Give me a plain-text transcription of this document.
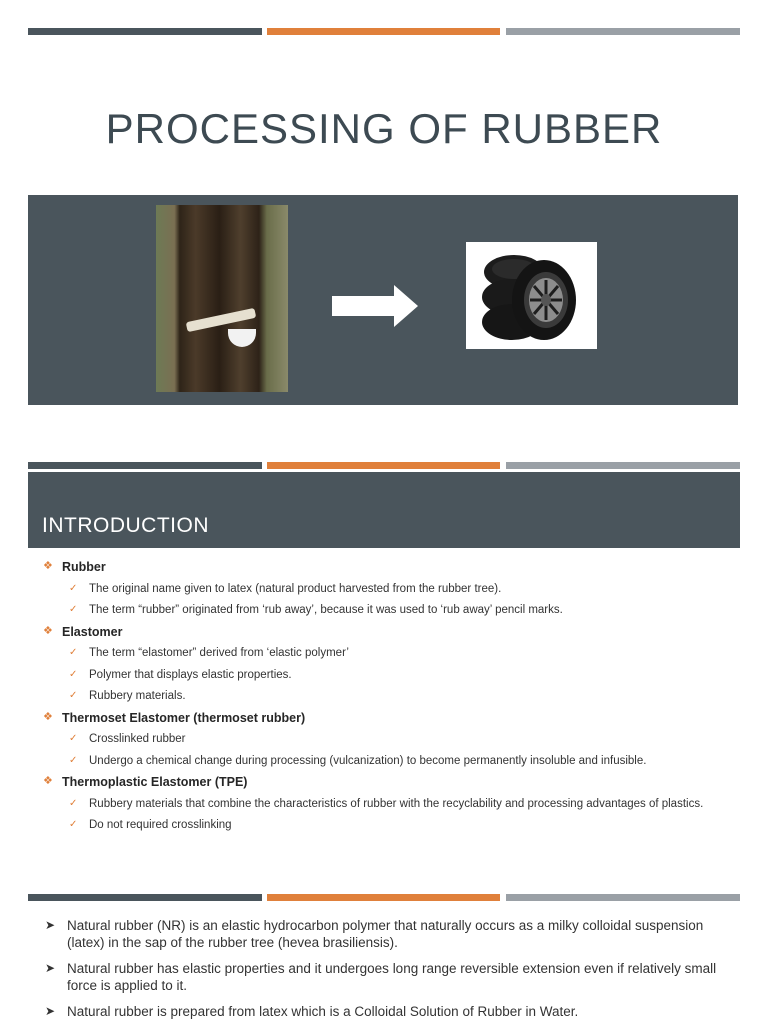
PROCESSING OF RUBBER
INTRODUCTION
❖ Rubber
✓ The original name given to latex (natural product harvested from the rubber tree).
✓ The term “rubber” originated from ‘rub away’, because it was used to ‘rub away’ pencil marks.
❖ Elastomer
✓ The term “elastomer” derived from ‘elastic polymer’
✓ Polymer that displays elastic properties.
✓ Rubbery materials.
❖ Thermoset Elastomer (thermoset rubber)
✓ Crosslinked rubber
✓ Undergo a chemical change during processing (vulcanization) to become permanently insoluble and infusible.
❖ Thermoplastic Elastomer (TPE)
✓ Rubbery materials that combine the characteristics of rubber with the recyclability and processing advantages of plastics.
✓ Do not required crosslinking
➤ Natural rubber (NR) is an elastic hydrocarbon polymer that naturally occurs as a milky colloidal suspension (latex) in the sap of the rubber tree (hevea brasiliensis).
➤ Natural rubber has elastic properties and it undergoes long range reversible extension even if relatively small force is applied to it.
➤ Natural rubber is prepared from latex which is a Colloidal Solution of Rubber in Water.
